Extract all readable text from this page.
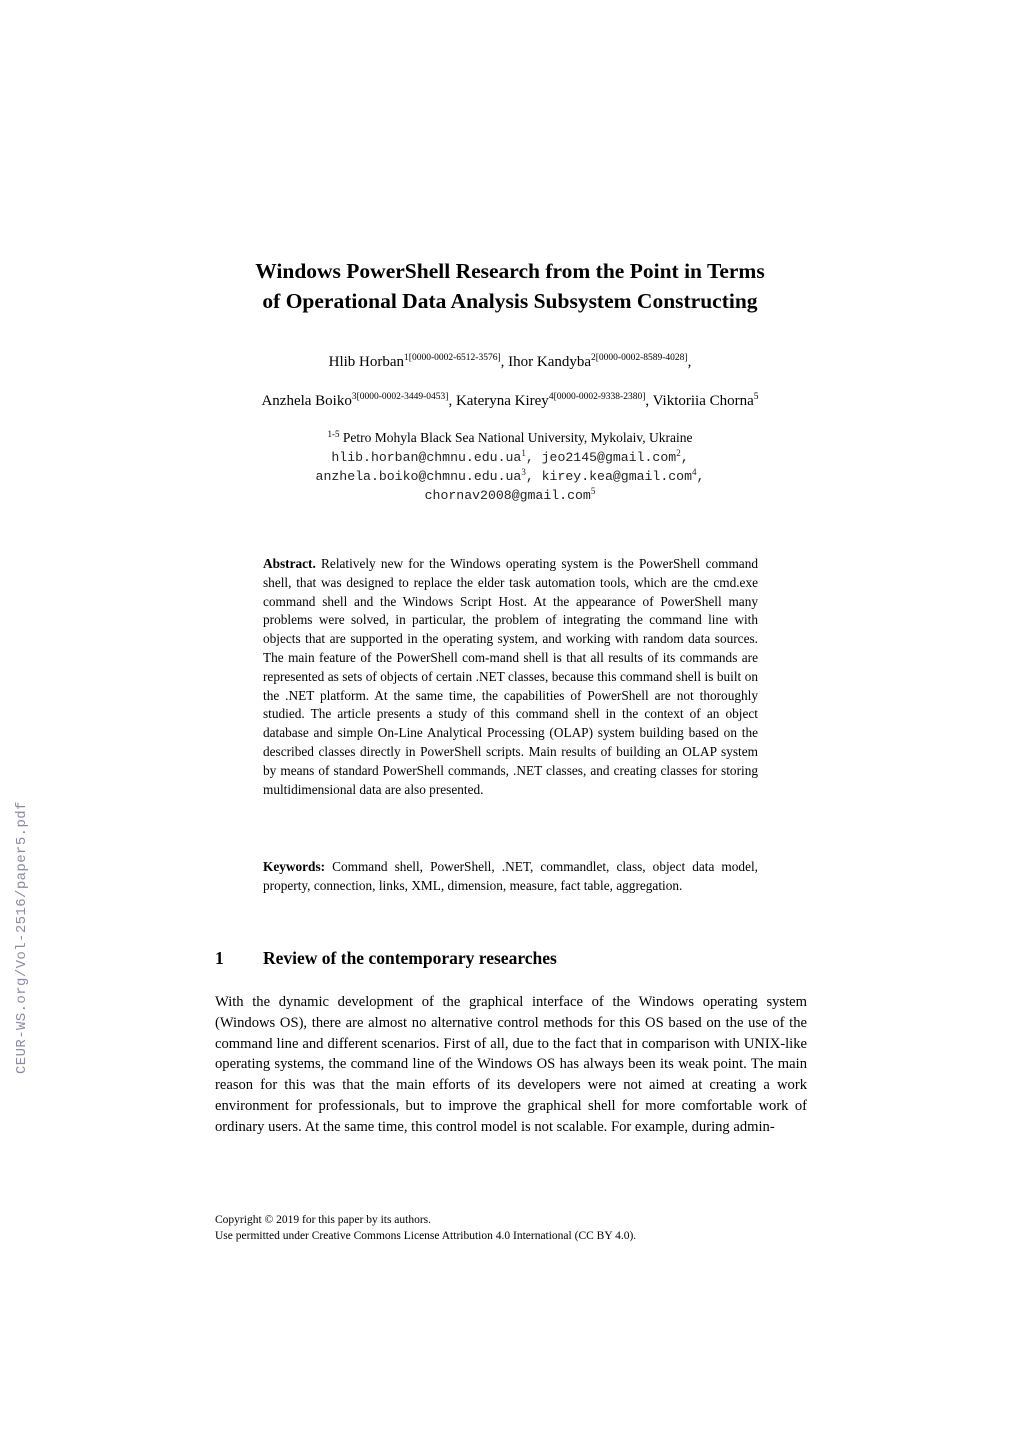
CEUR-WS.org/Vol-2516/paper5.pdf
Windows PowerShell Research from the Point in Terms
of Operational Data Analysis Subsystem Constructing
Hlib Horban$^{1[0000-0002-6512-3576]}$, Ihor Kandyba$^{2[0000-0002-8589-4028]}$,
Anzhela Boiko$^{3[0000-0002-3449-0453]}$, Kateryna Kirey$^{4[0000-0002-9338-2380]}$, Viktoriia Chorna$^5$
$^{1-5}$ Petro Mohyla Black Sea National University, Mykolaiv, Ukraine
$hlib.horban@chmnu.edu.ua^1$, jeo2145@gmail.com$^2$,
$anzhela.boiko@chmnu.edu.ua^3$, kirey.kea@gmail.com$^4$,
chornav2008@gmail.com$^5$
Abstract. Relatively new for the Windows operating system is the PowerShell command shell, that was designed to replace the elder task automation tools, which are the cmd.exe command shell and the Windows Script Host. At the appearance of PowerShell many problems were solved, in particular, the problem of integrating the command line with objects that are supported in the operating system, and working with random data sources. The main feature of the PowerShell com-mand shell is that all results of its commands are represented as sets of objects of certain .NET classes, because this command shell is built on the .NET platform. At the same time, the capabilities of PowerShell are not thoroughly studied. The article presents a study of this command shell in the context of an object database and simple On-Line Analytical Processing (OLAP) system building based on the described classes directly in PowerShell scripts. Main results of building an OLAP system by means of standard PowerShell commands, .NET classes, and creating classes for storing multidimensional data are also presented.
Keywords: Command shell, PowerShell, .NET, commandlet, class, object data model, property, connection, links, XML, dimension, measure, fact table, aggregation.
1 Review of the contemporary researches
With the dynamic development of the graphical interface of the Windows operating system (Windows OS), there are almost no alternative control methods for this OS based on the use of the command line and different scenarios. First of all, due to the fact that in comparison with UNIX-like operating systems, the command line of the Windows OS has always been its weak point. The main reason for this was that the main efforts of its developers were not aimed at creating a work environment for professionals, but to improve the graphical shell for more comfortable work of ordinary users. At the same time, this control model is not scalable. For example, during admin-
Copyright © 2019 for this paper by its authors.
Use permitted under Creative Commons License Attribution 4.0 International (CC BY 4.0).
